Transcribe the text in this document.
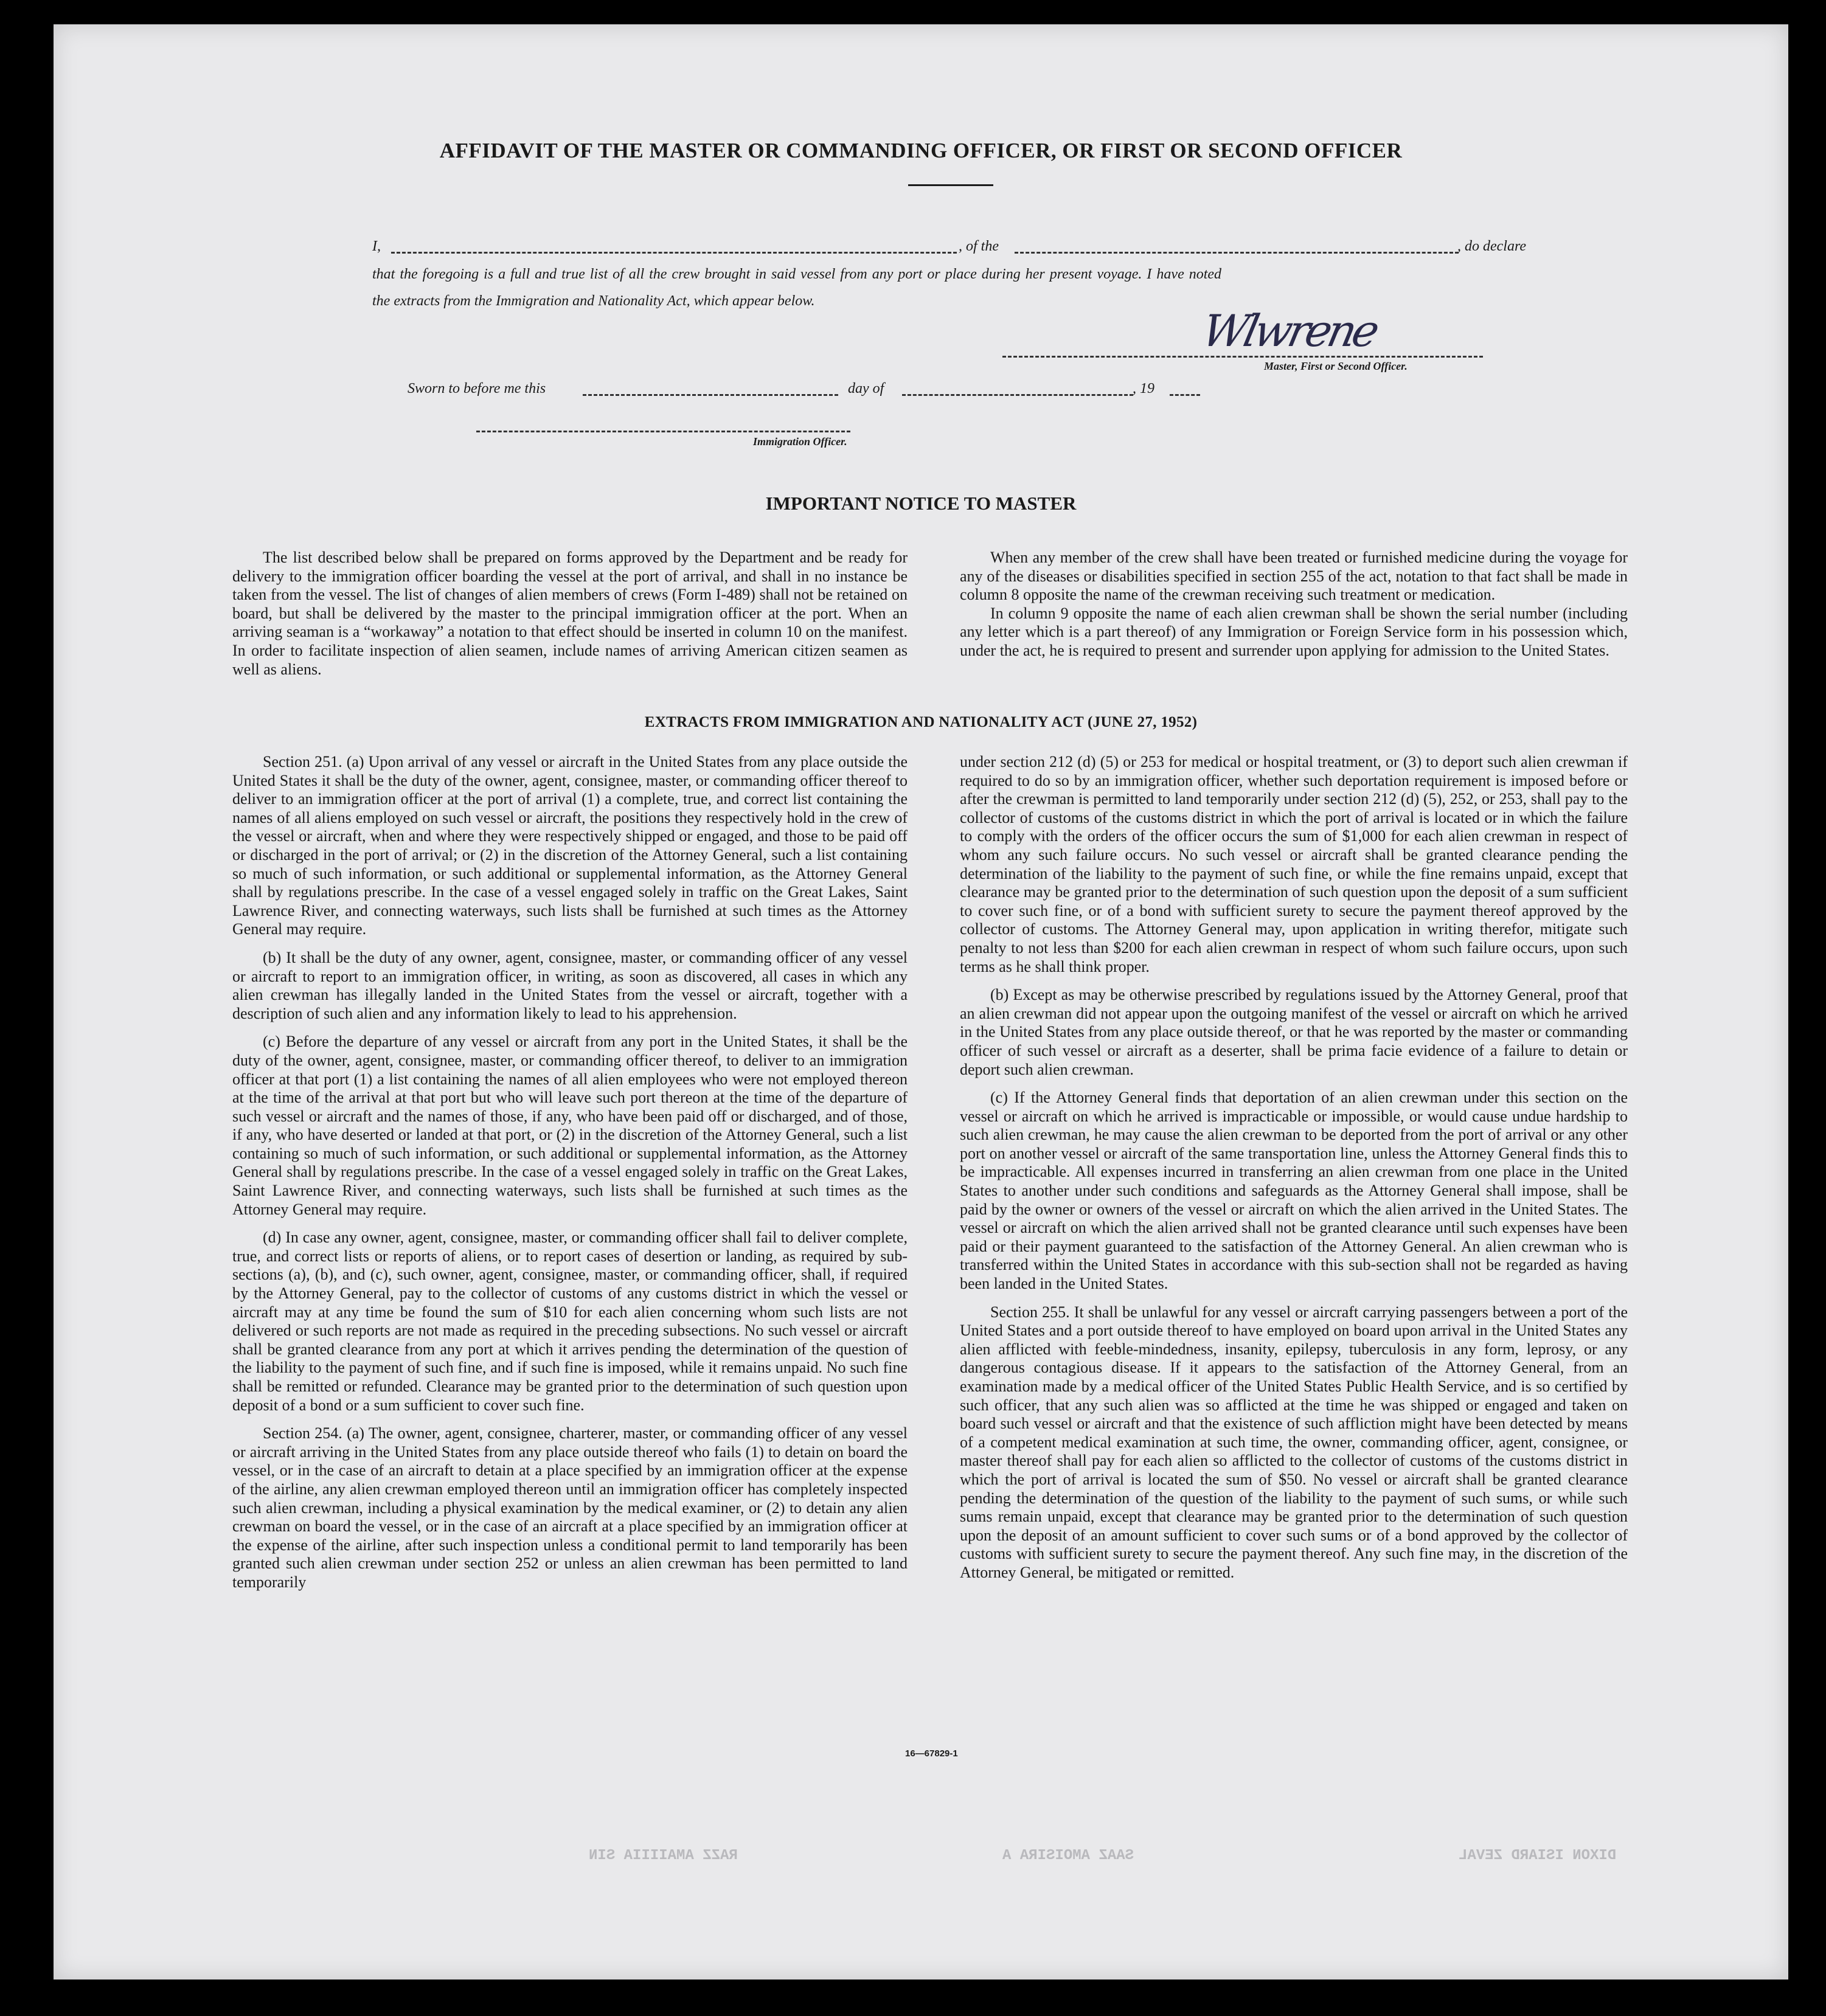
AFFIDAVIT OF THE MASTER OR COMMANDING OFFICER, OR FIRST OR SECOND OFFICER
I,	, of the	, do declare
that the foregoing is a full and true list of all the crew brought in said vessel from any port or place during her present voyage. I have noted
the extracts from the Immigration and Nationality Act, which appear below.
Wlwrene
Master, First or Second Officer.
Sworn to before me this	day of	, 19
Immigration Officer.
IMPORTANT NOTICE TO MASTER

The list described below shall be prepared on forms approved by the Department and be ready for delivery to the immigration officer boarding the vessel at the port of arrival, and shall in no instance be taken from the vessel. The list of changes of alien members of crews (Form I-489) shall not be retained on board, but shall be delivered by the master to the principal immigration officer at the port. When an arriving seaman is a “workaway” a notation to that effect should be inserted in column 10 on the manifest. In order to facilitate inspection of alien seamen, include names of arriving American citizen seamen as well as aliens.

When any member of the crew shall have been treated or furnished medicine during the voyage for any of the diseases or disabilities specified in section 255 of the act, notation to that fact shall be made in column 8 opposite the name of the crewman receiving such treatment or medication.

In column 9 opposite the name of each alien crewman shall be shown the serial number (including any letter which is a part thereof) of any Immigration or Foreign Service form in his possession which, under the act, he is required to present and surrender upon applying for admission to the United States.

EXTRACTS FROM IMMIGRATION AND NATIONALITY ACT (JUNE 27, 1952)

Section 251. (a) Upon arrival of any vessel or aircraft in the United States from any place outside the United States it shall be the duty of the owner, agent, consignee, master, or commanding officer thereof to deliver to an immigration officer at the port of arrival (1) a complete, true, and correct list containing the names of all aliens employed on such vessel or aircraft, the positions they respectively hold in the crew of the vessel or aircraft, when and where they were respectively shipped or engaged, and those to be paid off or discharged in the port of arrival; or (2) in the discretion of the Attorney General, such a list containing so much of such information, or such additional or supplemental information, as the Attorney General shall by regulations prescribe. In the case of a vessel engaged solely in traffic on the Great Lakes, Saint Lawrence River, and connecting waterways, such lists shall be furnished at such times as the Attorney General may require.

(b) It shall be the duty of any owner, agent, consignee, master, or commanding officer of any vessel or aircraft to report to an immigration officer, in writing, as soon as discovered, all cases in which any alien crewman has illegally landed in the United States from the vessel or aircraft, together with a description of such alien and any information likely to lead to his apprehension.

(c) Before the departure of any vessel or aircraft from any port in the United States, it shall be the duty of the owner, agent, consignee, master, or commanding officer thereof, to deliver to an immigration officer at that port (1) a list containing the names of all alien employees who were not employed thereon at the time of the arrival at that port but who will leave such port thereon at the time of the departure of such vessel or aircraft and the names of those, if any, who have been paid off or discharged, and of those, if any, who have deserted or landed at that port, or (2) in the discretion of the Attorney General, such a list containing so much of such information, or such additional or supplemental information, as the Attorney General shall by regulations prescribe. In the case of a vessel engaged solely in traffic on the Great Lakes, Saint Lawrence River, and connecting waterways, such lists shall be furnished at such times as the Attorney General may require.

(d) In case any owner, agent, consignee, master, or commanding officer shall fail to deliver complete, true, and correct lists or reports of aliens, or to report cases of desertion or landing, as required by sub-sections (a), (b), and (c), such owner, agent, consignee, master, or commanding officer, shall, if required by the Attorney General, pay to the collector of customs of any customs district in which the vessel or aircraft may at any time be found the sum of $10 for each alien concerning whom such lists are not delivered or such reports are not made as required in the preceding subsections. No such vessel or aircraft shall be granted clearance from any port at which it arrives pending the determination of the question of the liability to the payment of such fine, and if such fine is imposed, while it remains unpaid. No such fine shall be remitted or refunded. Clearance may be granted prior to the determination of such question upon deposit of a bond or a sum sufficient to cover such fine.

Section 254. (a) The owner, agent, consignee, charterer, master, or commanding officer of any vessel or aircraft arriving in the United States from any place outside thereof who fails (1) to detain on board the vessel, or in the case of an aircraft to detain at a place specified by an immigration officer at the expense of the airline, any alien crewman employed thereon until an immigration officer has completely inspected such alien crewman, including a physical examination by the medical examiner, or (2) to detain any alien crewman on board the vessel, or in the case of an aircraft at a place specified by an immigration officer at the expense of the airline, after such inspection unless a conditional permit to land temporarily has been granted such alien crewman under section 252 or unless an alien crewman has been permitted to land temporarily

under section 212 (d) (5) or 253 for medical or hospital treatment, or (3) to deport such alien crewman if required to do so by an immigration officer, whether such deportation requirement is imposed before or after the crewman is permitted to land temporarily under section 212 (d) (5), 252, or 253, shall pay to the collector of customs of the customs district in which the port of arrival is located or in which the failure to comply with the orders of the officer occurs the sum of $1,000 for each alien crewman in respect of whom any such failure occurs. No such vessel or aircraft shall be granted clearance pending the determination of the liability to the payment of such fine, or while the fine remains unpaid, except that clearance may be granted prior to the determination of such question upon the deposit of a sum sufficient to cover such fine, or of a bond with sufficient surety to secure the payment thereof approved by the collector of customs. The Attorney General may, upon application in writing therefor, mitigate such penalty to not less than $200 for each alien crewman in respect of whom such failure occurs, upon such terms as he shall think proper.

(b) Except as may be otherwise prescribed by regulations issued by the Attorney General, proof that an alien crewman did not appear upon the outgoing manifest of the vessel or aircraft on which he arrived in the United States from any place outside thereof, or that he was reported by the master or commanding officer of such vessel or aircraft as a deserter, shall be prima facie evidence of a failure to detain or deport such alien crewman.

(c) If the Attorney General finds that deportation of an alien crewman under this section on the vessel or aircraft on which he arrived is impracticable or impossible, or would cause undue hardship to such alien crewman, he may cause the alien crewman to be deported from the port of arrival or any other port on another vessel or aircraft of the same transportation line, unless the Attorney General finds this to be impracticable. All expenses incurred in transferring an alien crewman from one place in the United States to another under such conditions and safeguards as the Attorney General shall impose, shall be paid by the owner or owners of the vessel or aircraft on which the alien arrived in the United States. The vessel or aircraft on which the alien arrived shall not be granted clearance until such expenses have been paid or their payment guaranteed to the satisfaction of the Attorney General. An alien crewman who is transferred within the United States in accordance with this sub-section shall not be regarded as having been landed in the United States.

Section 255. It shall be unlawful for any vessel or aircraft carrying passengers between a port of the United States and a port outside thereof to have employed on board upon arrival in the United States any alien afflicted with feeble-mindedness, insanity, epilepsy, tuberculosis in any form, leprosy, or any dangerous contagious disease. If it appears to the satisfaction of the Attorney General, from an examination made by a medical officer of the United States Public Health Service, and is so certified by such officer, that any such alien was so afflicted at the time he was shipped or engaged and taken on board such vessel or aircraft and that the existence of such affliction might have been detected by means of a competent medical examination at such time, the owner, commanding officer, agent, consignee, or master thereof shall pay for each alien so afflicted to the collector of customs of the customs district in which the port of arrival is located the sum of $50. No vessel or aircraft shall be granted clearance pending the determination of the question of the liability to the payment of such sums, or while such sums remain unpaid, except that clearance may be granted prior to the determination of such question upon the deposit of an amount sufficient to cover such sums or of a bond approved by the collector of customs with sufficient surety to secure the payment thereof. Any such fine may, in the discretion of the Attorney General, be mitigated or remitted.

16—67829-1
DIXON ISIARD ZEVAL
SAAZ AMOISIRA A
RAZZ AMAIIIIA SIN
